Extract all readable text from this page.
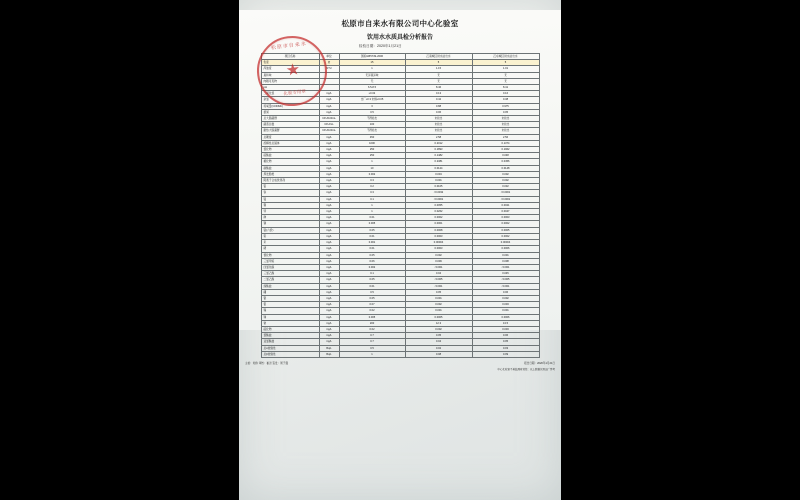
松原市自来水有限公司中心化验室
饮用水水质具检分析报告
检验日期：2020年1月21日
松原市自来水
★
化验专用章
项目名称	单位	国标GB5749-2006	江南城区供水站出水	江东城区供水站出水
色度	度	15	5	5
浑浊度	NTU	1	1.15	1.01
臭和味		无异臭异味	无	无
肉眼可见物		无	无	无
pH		6.5-8.5	8.46	8.41
二氧化氯	mg/L	≥0.02	0.13	0.16
余氯	mg/L	出厂≥0.3 末梢≥0.05	0.42	0.38
耗氧量(CODMn)	mg/L	3	0.88	0.975
氨氮	mg/L	0.5	0.06	0.05
总大肠菌群	CFU/100mL	不得检出	未检出	未检出
菌落总数	CFU/mL	100	未检出	未检出
耐热大肠菌群	CFU/100mL	不得检出	未检出	未检出
总硬度	mg/L	450	2.58	2.56
溶解性总固体	mg/L	1000	0.2012	0.1374
氯化物	mg/L	250	0.1893	0.1962
硫酸盐	mg/L	250	0.1482	0.048
氟化物	mg/L	1	0.2381	0.0456
硝酸盐	mg/L	10	0.0124	0.0148
挥发酚类	mg/L	0.002	0.004	0.002
阴离子合成洗涤剂	mg/L	0.3	0.001	0.002
铝	mg/L	0.2	0.0105	0.032
铁	mg/L	0.3	<0.0032	<0.0001
锰	mg/L	0.1	<0.0001	<0.0001
铜	mg/L	1	0.0055	0.0021
锌	mg/L	1	0.0262	0.0047
砷	mg/L	0.01	0.0002	0.0003
镉	mg/L	0.005	0.0001	0.0002
铬(六价)	mg/L	0.05	0.0008	0.0005
铅	mg/L	0.01	0.0003	0.0002
汞	mg/L	0.001	0.00004	0.00004
硒	mg/L	0.01	0.0003	0.0006
氰化物	mg/L	0.05	0.002	0.001
三氯甲烷	mg/L	0.06	0.009	0.008
四氯化碳	mg/L	0.002	<0.001	<0.001
三氯乙酸	mg/L	0.1	0.04	0.045
二氯乙酸	mg/L	0.05	<0.005	<0.005
溴酸盐	mg/L	0.01	<0.001	<0.001
硼	mg/L	0.5	0.05	0.06
银	mg/L	0.05	0.001	0.002
钼	mg/L	0.07	0.002	0.003
镍	mg/L	0.02	0.001	0.001
锑	mg/L	0.005	0.0005	0.0006
钠	mg/L	200	12.3	13.5
硫化物	mg/L	0.02	0.002	0.003
氯酸盐	mg/L	0.7	0.05	0.06
亚氯酸盐	mg/L	0.7	0.04	0.05
总α放射性	Bq/L	0.5	0.02	0.03
总β放射性	Bq/L	1	0.08	0.09
主检：刘伟 审核：崔洪 签发：周子强	报告日期：2020年1月21日
中心化验室不易监测有效性：以上数据仅供出厂参考
